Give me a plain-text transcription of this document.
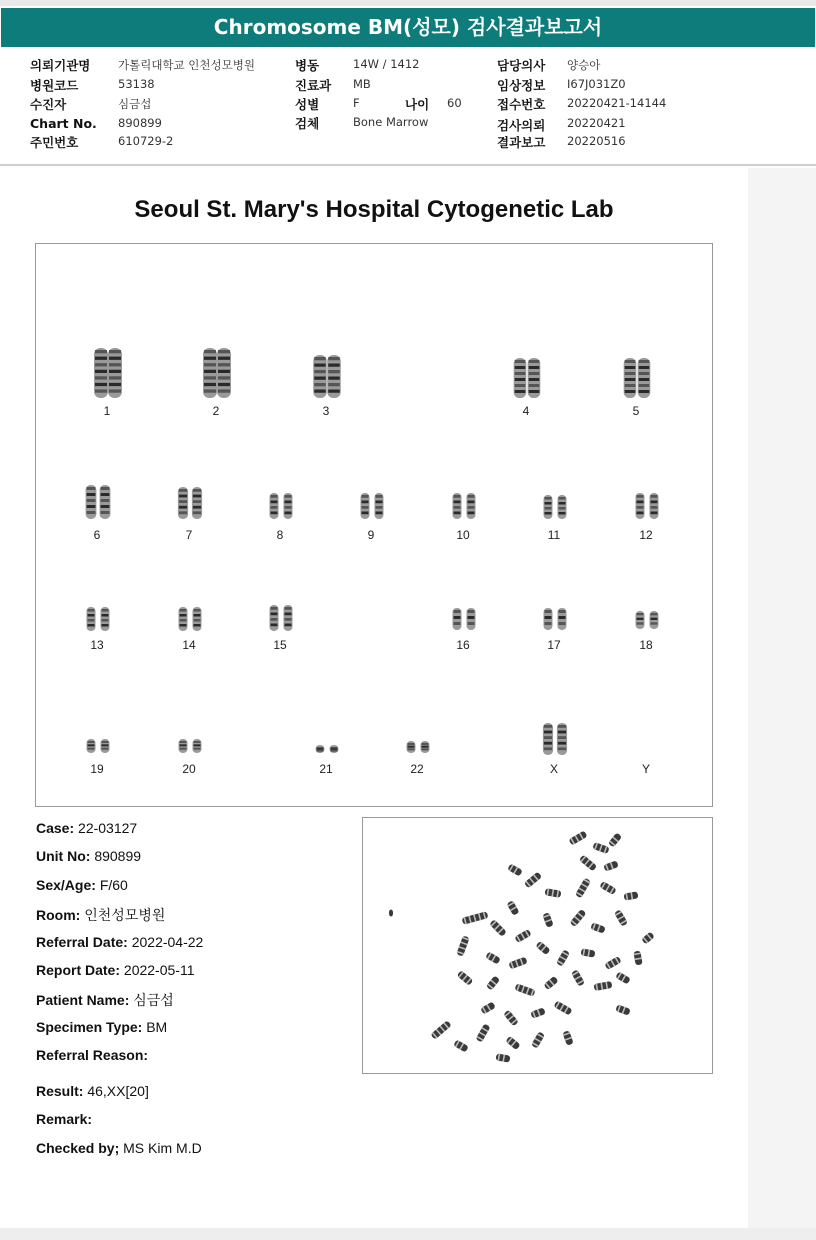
Chromosome BM(성모) 검사결과보고서
의뢰기관명 가톨릭대학교 인천성모병원
병원코드	53138
수진자	심금섭
Chart No. 890899
주민번호	610729-2
병동	14W / 1412
진료과 MB
성별	F	나이 60
검체	Bone Marrow
담당의사 양승아
임상정보 I67J031Z0
접수번호 20220421-14144
검사의뢰 20220421
결과보고 20220516
Seoul St. Mary's Hospital Cytogenetic Lab
1	2	3	4	5
6	7	8	9	10	11	12
13	14	15	16	17	18
19	20	21	22	X	Y
Case: 22-03127
Unit No: 890899
Sex/Age: F/60
Room: 인천성모병원
Referral Date: 2022-04-22
Report Date: 2022-05-11
Patient Name: 심금섭
Specimen Type: BM
Referral Reason:
Result: 46,XX[20]
Remark:
Checked by; MS Kim M.D
